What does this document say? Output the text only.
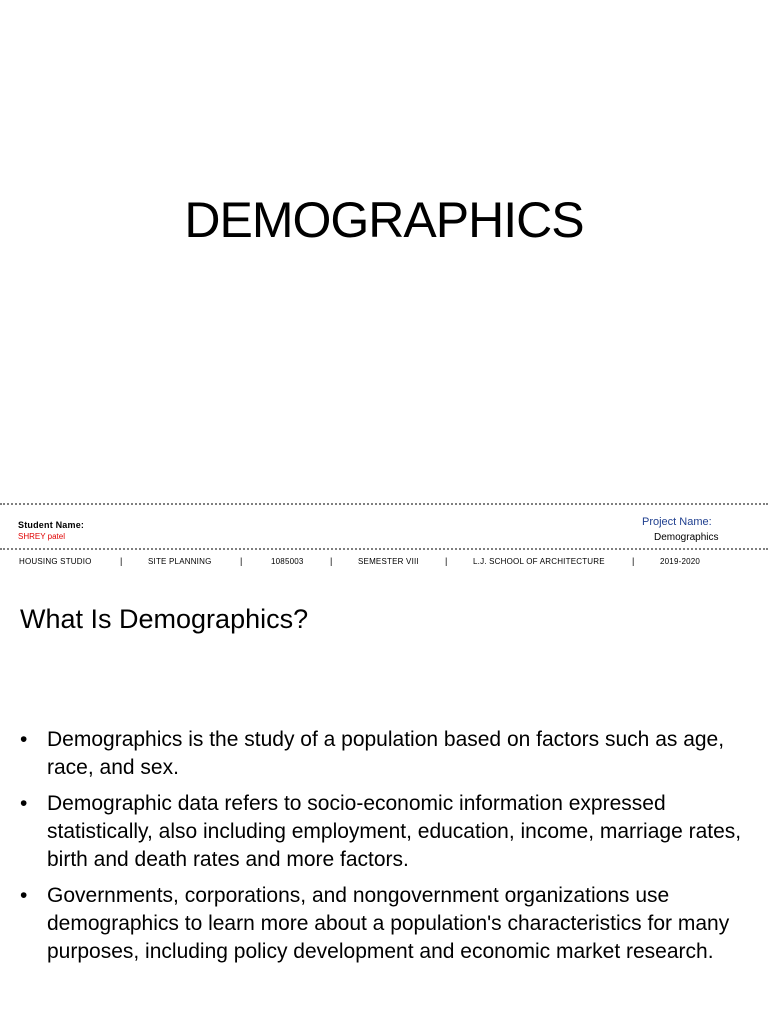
DEMOGRAPHICS
Student Name:
SHREY patel
Project Name:
Demographics
HOUSING STUDIO	|	SITE PLANNING	|	1085003	|	SEMESTER VIII	|	L.J. SCHOOL OF ARCHITECTURE	|	2019-2020
What Is Demographics?
• Demographics is the study of a population based on factors such as age, race, and sex.
• Demographic data refers to socio-economic information expressed statistically, also including employment, education, income, marriage rates, birth and death rates and more factors.
• Governments, corporations, and nongovernment organizations use demographics to learn more about a population's characteristics for many purposes, including policy development and economic market research.
